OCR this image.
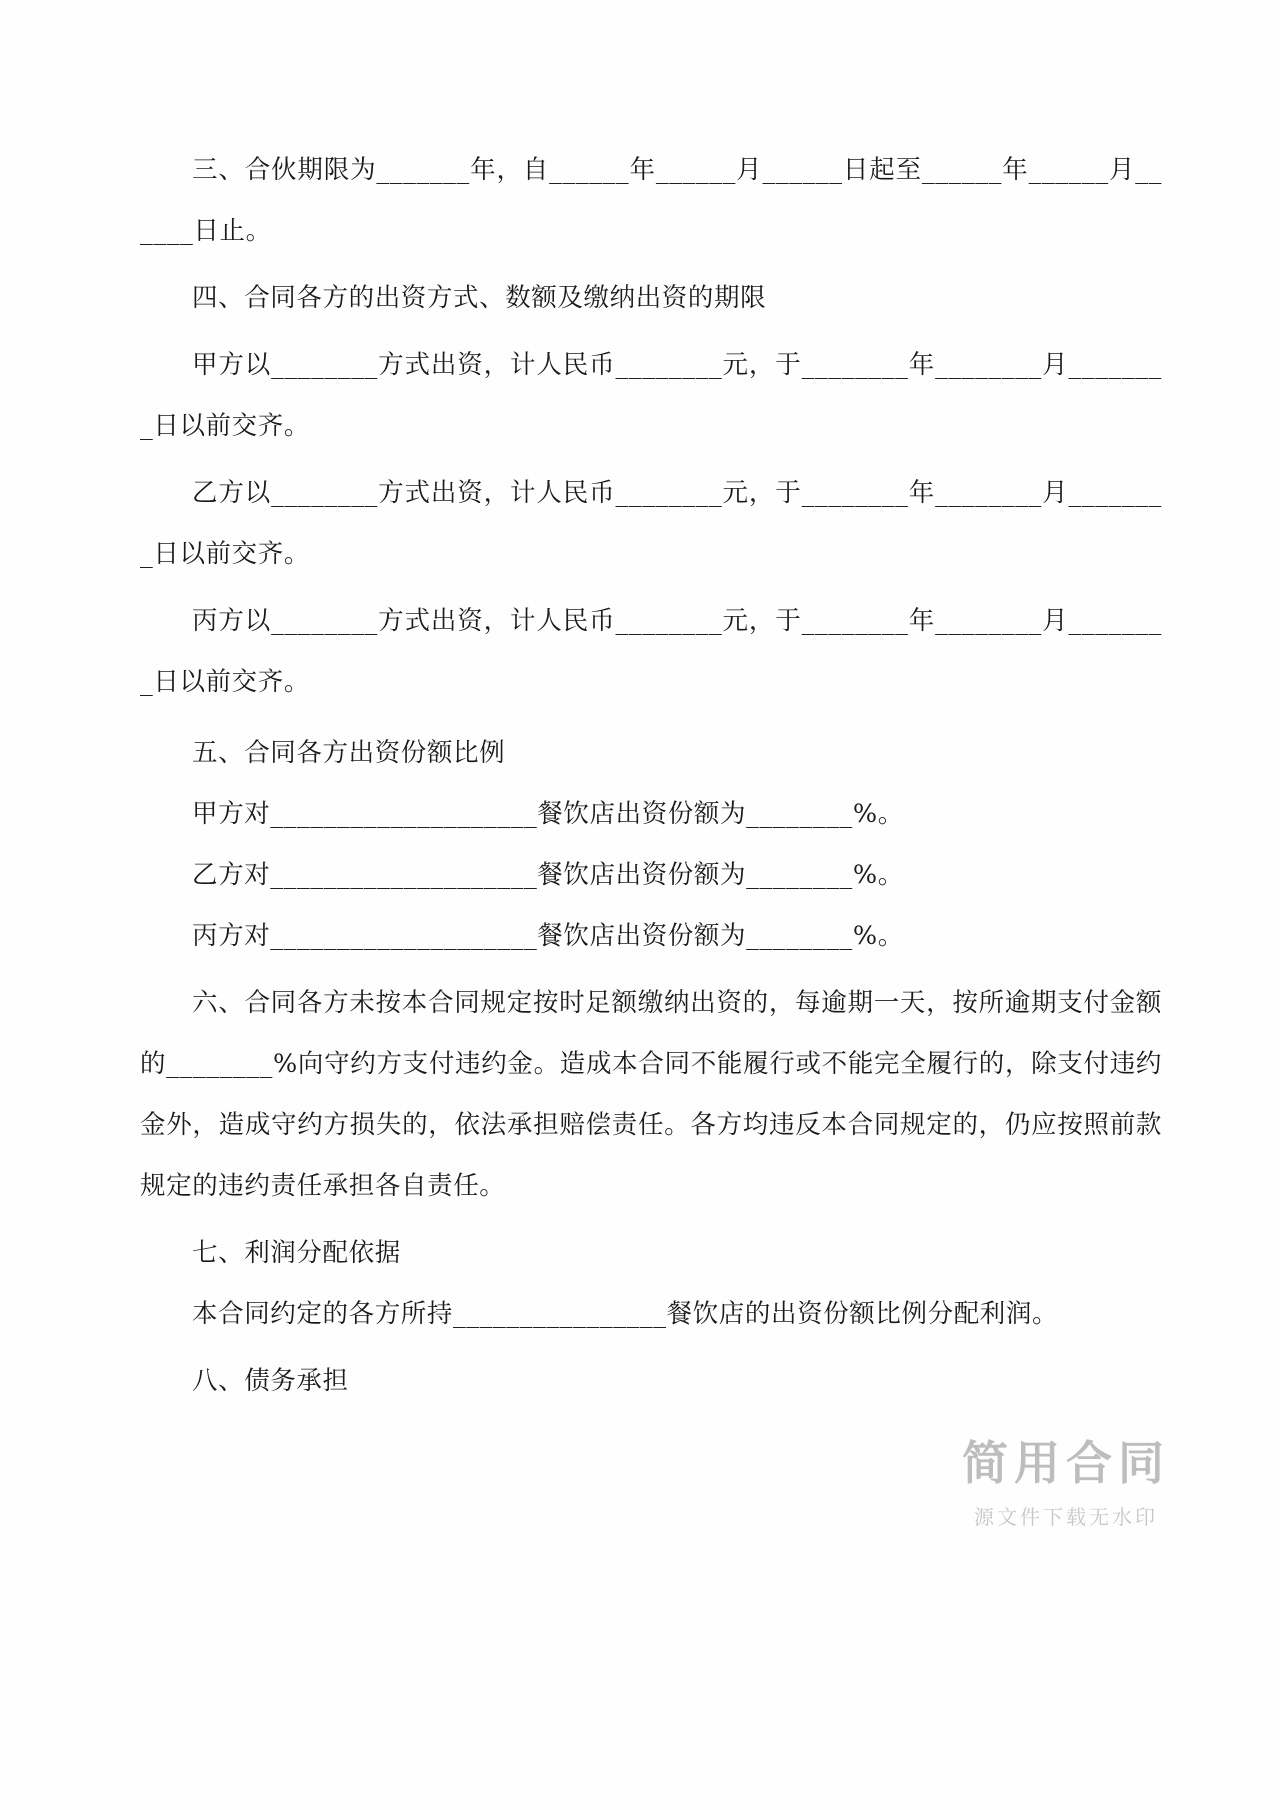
三、合伙期限为_______年，自______年______月______日起至______年______月______日止。

四、合同各方的出资方式、数额及缴纳出资的期限

甲方以________方式出资，计人民币________元，于________年________月________日以前交齐。

乙方以________方式出资，计人民币________元，于________年________月________日以前交齐。

丙方以________方式出资，计人民币________元，于________年________月________日以前交齐。

五、合同各方出资份额比例

甲方对____________________餐饮店出资份额为________%。

乙方对____________________餐饮店出资份额为________%。

丙方对____________________餐饮店出资份额为________%。

六、合同各方未按本合同规定按时足额缴纳出资的，每逾期一天，按所逾期支付金额的________%向守约方支付违约金。造成本合同不能履行或不能完全履行的，除支付违约金外，造成守约方损失的，依法承担赔偿责任。各方均违反本合同规定的，仍应按照前款规定的违约责任承担各自责任。

七、利润分配依据

本合同约定的各方所持________________餐饮店的出资份额比例分配利润。

八、债务承担

简用合同
源文件下载无水印
